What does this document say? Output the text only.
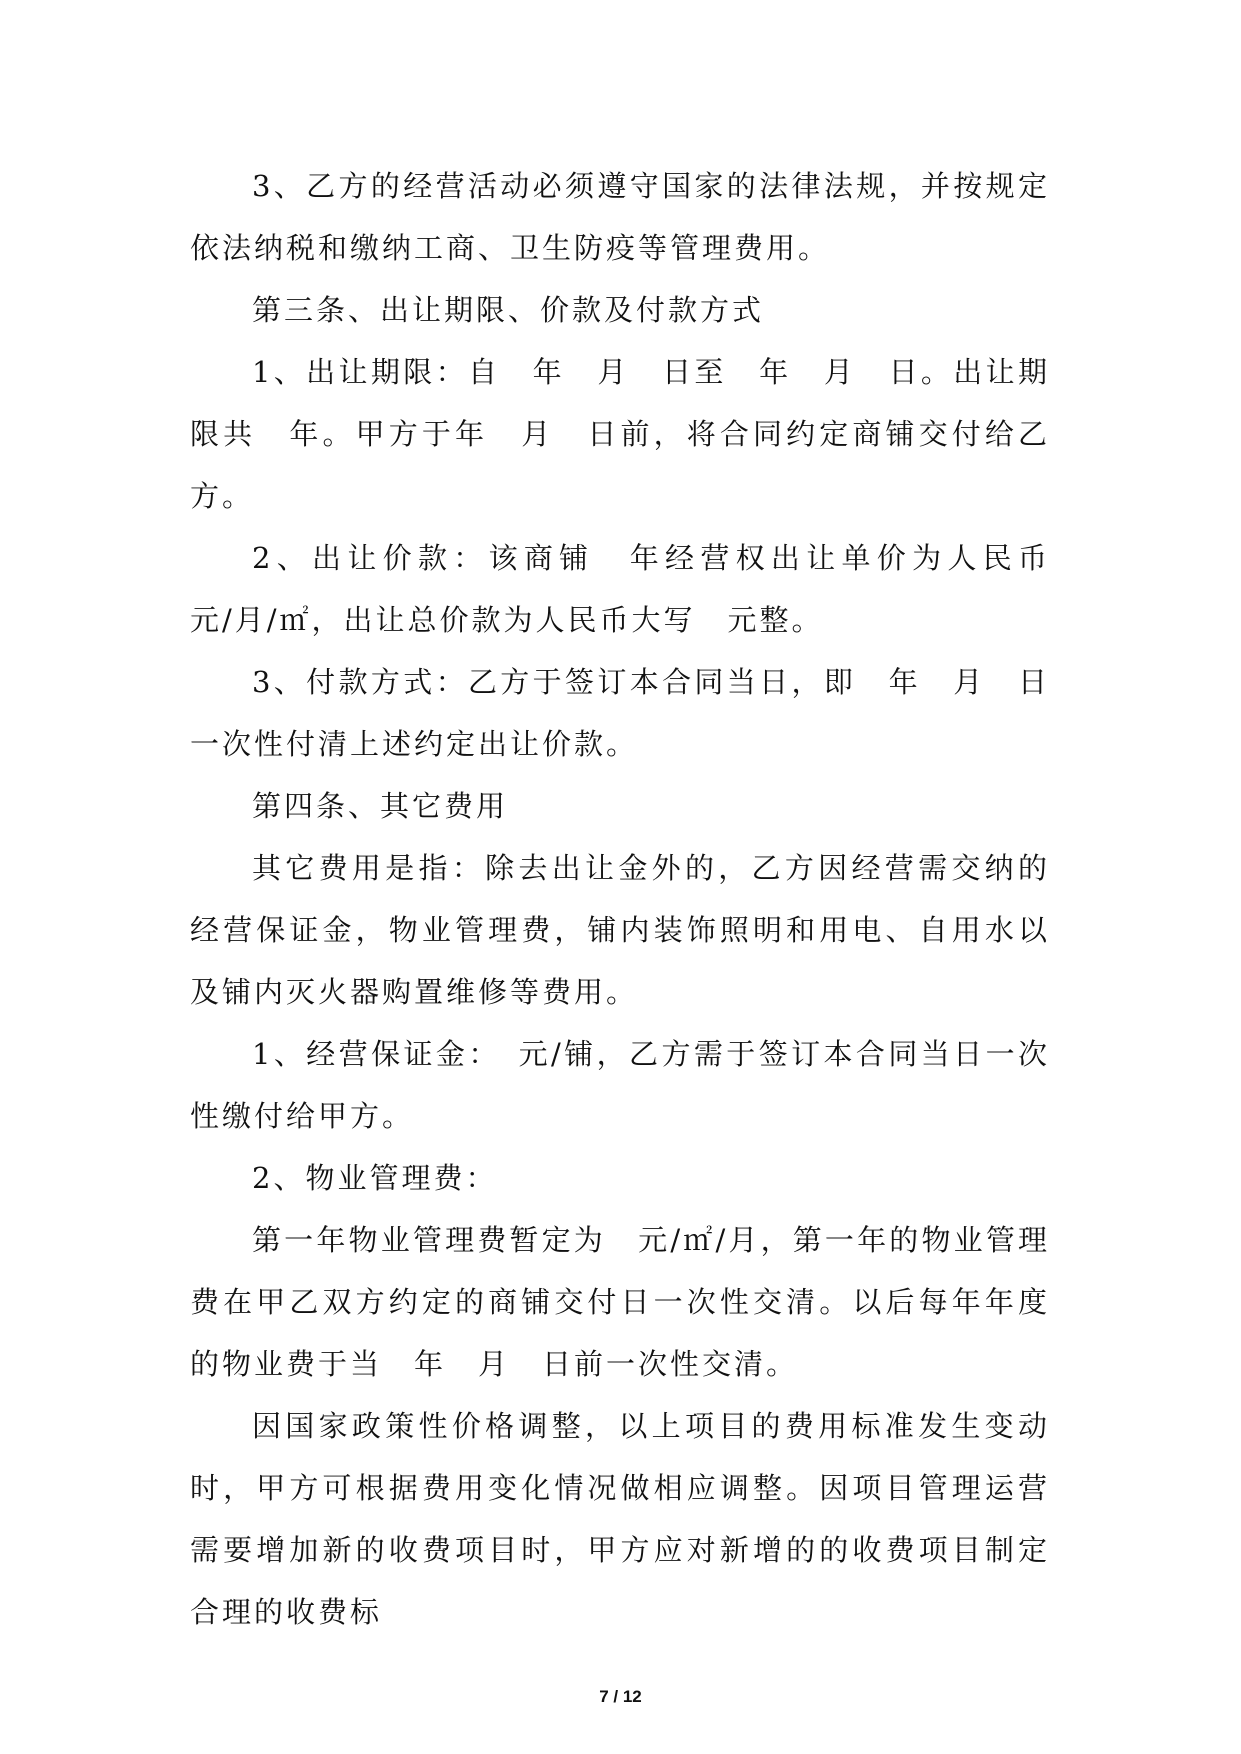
3、乙方的经营活动必须遵守国家的法律法规，并按规定依法纳税和缴纳工商、卫生防疫等管理费用。

第三条、出让期限、价款及付款方式

1、出让期限：自　年　月　日至　年　月　日。出让期限共　年。甲方于年　月　日前，将合同约定商铺交付给乙方。

2、出让价款：该商铺　年经营权出让单价为人民币　元/月/㎡，出让总价款为人民币大写　元整。

3、付款方式：乙方于签订本合同当日，即　年　月　日一次性付清上述约定出让价款。

第四条、其它费用

其它费用是指：除去出让金外的，乙方因经营需交纳的经营保证金，物业管理费，铺内装饰照明和用电、自用水以及铺内灭火器购置维修等费用。

1、经营保证金：　元/铺，乙方需于签订本合同当日一次性缴付给甲方。

2、物业管理费：

第一年物业管理费暂定为　元/㎡/月，第一年的物业管理费在甲乙双方约定的商铺交付日一次性交清。以后每年年度的物业费于当　年　月　日前一次性交清。

因国家政策性价格调整，以上项目的费用标准发生变动时，甲方可根据费用变化情况做相应调整。因项目管理运营需要增加新的收费项目时，甲方应对新增的的收费项目制定合理的收费标

7 / 12
